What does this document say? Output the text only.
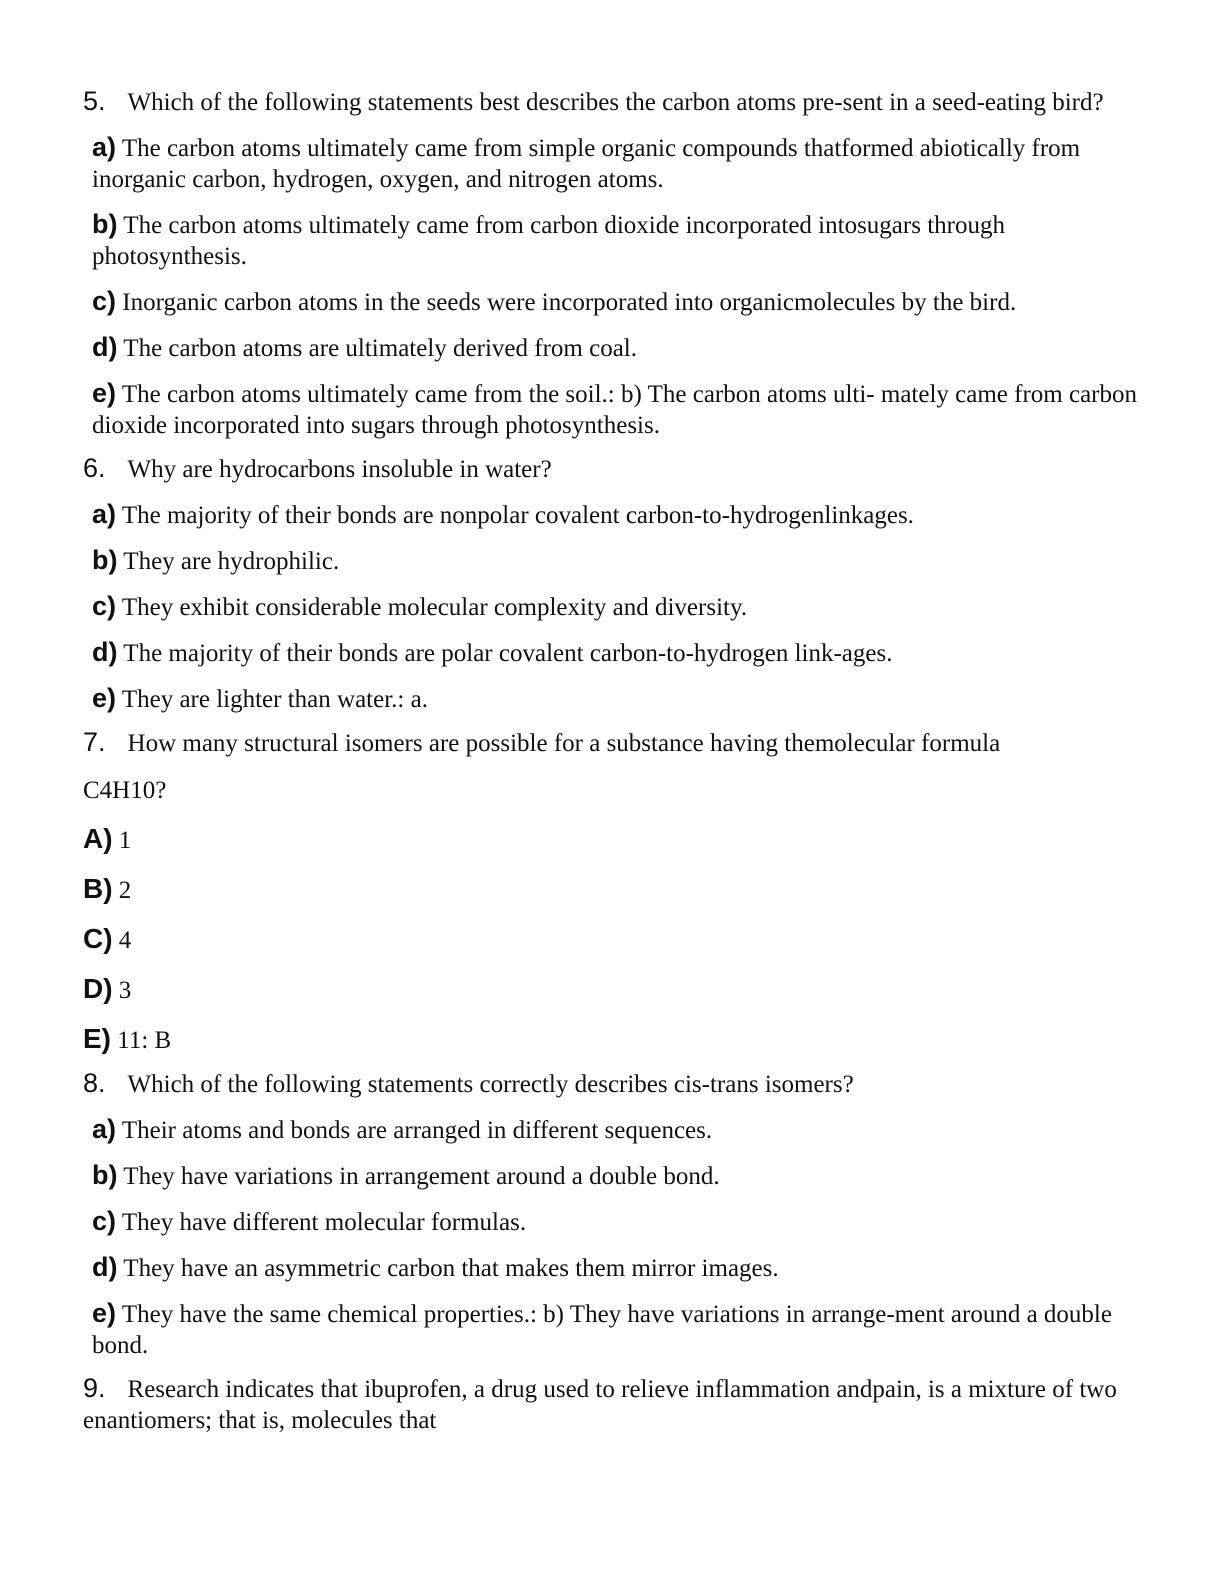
5. Which of the following statements best describes the carbon atoms pre-sent in a seed-eating bird?

a) The carbon atoms ultimately came from simple organic compounds thatformed abiotically from inorganic carbon, hydrogen, oxygen, and nitrogen atoms.

b) The carbon atoms ultimately came from carbon dioxide incorporated intosugars through photosynthesis.

c) Inorganic carbon atoms in the seeds were incorporated into organicmolecules by the bird.

d) The carbon atoms are ultimately derived from coal.

e) The carbon atoms ultimately came from the soil.: b) The carbon atoms ulti- mately came from carbon dioxide incorporated into sugars through photosynthesis.

6. Why are hydrocarbons insoluble in water?

a) The majority of their bonds are nonpolar covalent carbon-to-hydrogenlinkages.

b) They are hydrophilic.

c) They exhibit considerable molecular complexity and diversity.

d) The majority of their bonds are polar covalent carbon-to-hydrogen link-ages.

e) They are lighter than water.: a.

7. How many structural isomers are possible for a substance having themolecular formula
C4H10?

A) 1

B) 2

C) 4

D) 3

E) 11: B

8. Which of the following statements correctly describes cis-trans isomers?

a) Their atoms and bonds are arranged in different sequences.

b) They have variations in arrangement around a double bond.

c) They have different molecular formulas.

d) They have an asymmetric carbon that makes them mirror images.

e) They have the same chemical properties.: b) They have variations in arrange-ment around a double bond.

9. Research indicates that ibuprofen, a drug used to relieve inflammation andpain, is a mixture of two enantiomers; that is, molecules that
